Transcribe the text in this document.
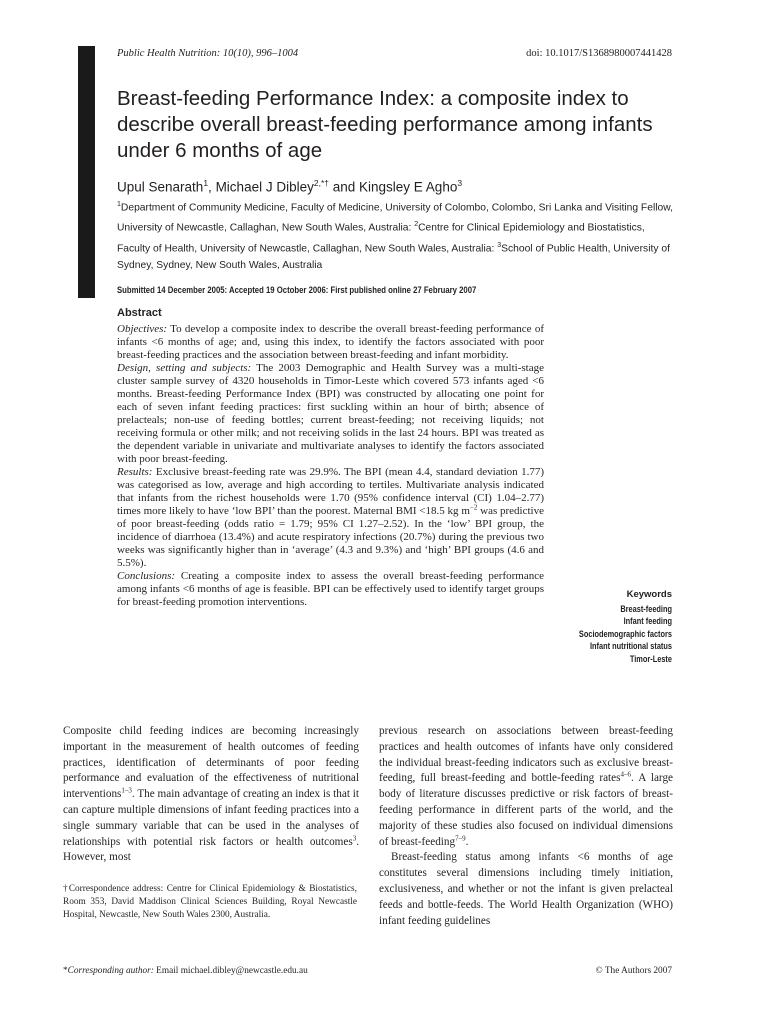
Public Health Nutrition: 10(10), 996–1004	doi: 10.1017/S1368980007441428
Breast-feeding Performance Index: a composite index to describe overall breast-feeding performance among infants under 6 months of age
Upul Senarath$^1$, Michael J Dibley$^{2,*\dagger}$ and Kingsley E Agho$^3$
$^1$Department of Community Medicine, Faculty of Medicine, University of Colombo, Colombo, Sri Lanka and Visiting Fellow, University of Newcastle, Callaghan, New South Wales, Australia: $^2$Centre for Clinical Epidemiology and Biostatistics, Faculty of Health, University of Newcastle, Callaghan, New South Wales, Australia: $^3$School of Public Health, University of Sydney, Sydney, New South Wales, Australia
Submitted 14 December 2005: Accepted 19 October 2006: First published online 27 February 2007
Abstract

Objectives: To develop a composite index to describe the overall breast-feeding performance of infants <6 months of age; and, using this index, to identify the factors associated with poor breast-feeding practices and the association between breast-feeding and infant morbidity.

Design, setting and subjects: The 2003 Demographic and Health Survey was a multi-stage cluster sample survey of 4320 households in Timor-Leste which covered 573 infants aged <6 months. Breast-feeding Performance Index (BPI) was constructed by allocating one point for each of seven infant feeding practices: first suckling within an hour of birth; absence of prelacteals; non-use of feeding bottles; current breast-feeding; not receiving liquids; not receiving formula or other milk; and not receiving solids in the last 24 hours. BPI was treated as the dependent variable in univariate and multivariate analyses to identify the factors associated with poor breast-feeding.

Results: Exclusive breast-feeding rate was 29.9%. The BPI (mean 4.4, standard deviation 1.77) was categorised as low, average and high according to tertiles. Multivariate analysis indicated that infants from the richest households were 1.70 (95% confidence interval (CI) 1.04–2.77) times more likely to have ‘low BPI’ than the poorest. Maternal BMI <18.5 kg $m^{-2}$ was predictive of poor breast-feeding (odds ratio = 1.79; 95% CI 1.27–2.52). In the ‘low’ BPI group, the incidence of diarrhoea (13.4%) and acute respiratory infections (20.7%) during the previous two weeks was significantly higher than in ‘average’ (4.3 and 9.3%) and ‘high’ BPI groups (4.6 and 5.5%).

Conclusions: Creating a composite index to assess the overall breast-feeding performance among infants <6 months of age is feasible. BPI can be effectively used to identify target groups for breast-feeding promotion interventions.

Keywords
Breast-feeding
Infant feeding
Sociodemographic factors
Infant nutritional status
Timor-Leste
Composite child feeding indices are becoming increasingly important in the measurement of health outcomes of feeding practices, identification of determinants of poor feeding performance and evaluation of the effectiveness of nutritional interventions$^{1-3}$. The main advantage of creating an index is that it can capture multiple dimensions of infant feeding practices into a single summary variable that can be used in the analyses of relationships with potential risk factors or health outcomes$^3$. However, most

previous research on associations between breast-feeding practices and health outcomes of infants have only considered the individual breast-feeding indicators such as exclusive breast-feeding, full breast-feeding and bottle-feeding rates$^{4-6}$. A large body of literature discusses predictive or risk factors of breast-feeding performance in different parts of the world, and the majority of these studies also focused on individual dimensions of breast-feeding$^{7-9}$.

Breast-feeding status among infants <6 months of age constitutes several dimensions including timely initiation, exclusiveness, and whether or not the infant is given prelacteal feeds and bottle-feeds. The World Health Organization (WHO) infant feeding guidelines

†Correspondence address: Centre for Clinical Epidemiology & Biostatistics, Room 353, David Maddison Clinical Sciences Building, Royal Newcastle Hospital, Newcastle, New South Wales 2300, Australia.
*Corresponding author: Email michael.dibley@newcastle.edu.au	© The Authors 2007
